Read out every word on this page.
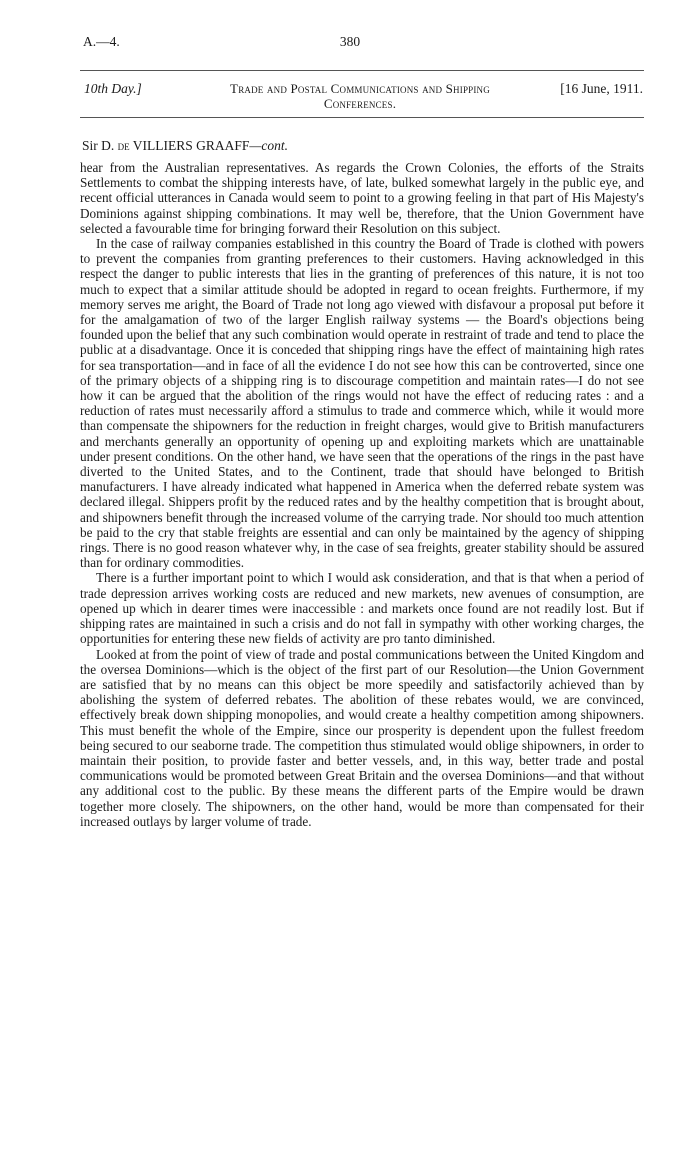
A.—4.	380
10th Day.]	Trade and Postal Communications and Shipping Conferences.
[16 June, 1911.
Sir D. de VILLIERS GRAAFF—cont.

hear from the Australian representatives. As regards the Crown Colonies, the efforts of the Straits Settlements to combat the shipping interests have, of late, bulked somewhat largely in the public eye, and recent official utterances in Canada would seem to point to a growing feeling in that part of His Majesty's Dominions against shipping combinations. It may well be, therefore, that the Union Government have selected a favourable time for bringing forward their Resolution on this subject.

In the case of railway companies established in this country the Board of Trade is clothed with powers to prevent the companies from granting preferences to their customers. Having acknowledged in this respect the danger to public interests that lies in the granting of preferences of this nature, it is not too much to expect that a similar attitude should be adopted in regard to ocean freights. Furthermore, if my memory serves me aright, the Board of Trade not long ago viewed with disfavour a proposal put before it for the amalgamation of two of the larger English railway systems — the Board's objections being founded upon the belief that any such combination would operate in restraint of trade and tend to place the public at a disadvantage. Once it is conceded that shipping rings have the effect of maintaining high rates for sea transportation—and in face of all the evidence I do not see how this can be controverted, since one of the primary objects of a shipping ring is to discourage competition and maintain rates—I do not see how it can be argued that the abolition of the rings would not have the effect of reducing rates : and a reduction of rates must necessarily afford a stimulus to trade and commerce which, while it would more than compensate the shipowners for the reduction in freight charges, would give to British manufacturers and merchants generally an opportunity of opening up and exploiting markets which are unattainable under present conditions. On the other hand, we have seen that the operations of the rings in the past have diverted to the United States, and to the Continent, trade that should have belonged to British manufacturers. I have already indicated what happened in America when the deferred rebate system was declared illegal. Shippers profit by the reduced rates and by the healthy competition that is brought about, and shipowners benefit through the increased volume of the carrying trade. Nor should too much attention be paid to the cry that stable freights are essential and can only be maintained by the agency of shipping rings. There is no good reason whatever why, in the case of sea freights, greater stability should be assured than for ordinary commodities.

There is a further important point to which I would ask consideration, and that is that when a period of trade depression arrives working costs are reduced and new markets, new avenues of consumption, are opened up which in dearer times were inaccessible : and markets once found are not readily lost. But if shipping rates are maintained in such a crisis and do not fall in sympathy with other working charges, the opportunities for entering these new fields of activity are pro tanto diminished.

Looked at from the point of view of trade and postal communications between the United Kingdom and the oversea Dominions—which is the object of the first part of our Resolution—the Union Government are satisfied that by no means can this object be more speedily and satisfactorily achieved than by abolishing the system of deferred rebates. The abolition of these rebates would, we are convinced, effectively break down shipping monopolies, and would create a healthy competition among shipowners. This must benefit the whole of the Empire, since our prosperity is dependent upon the fullest freedom being secured to our seaborne trade. The competition thus stimulated would oblige shipowners, in order to maintain their position, to provide faster and better vessels, and, in this way, better trade and postal communications would be promoted between Great Britain and the oversea Dominions—and that without any additional cost to the public. By these means the different parts of the Empire would be drawn together more closely. The shipowners, on the other hand, would be more than compensated for their increased outlays by larger volume of trade.
